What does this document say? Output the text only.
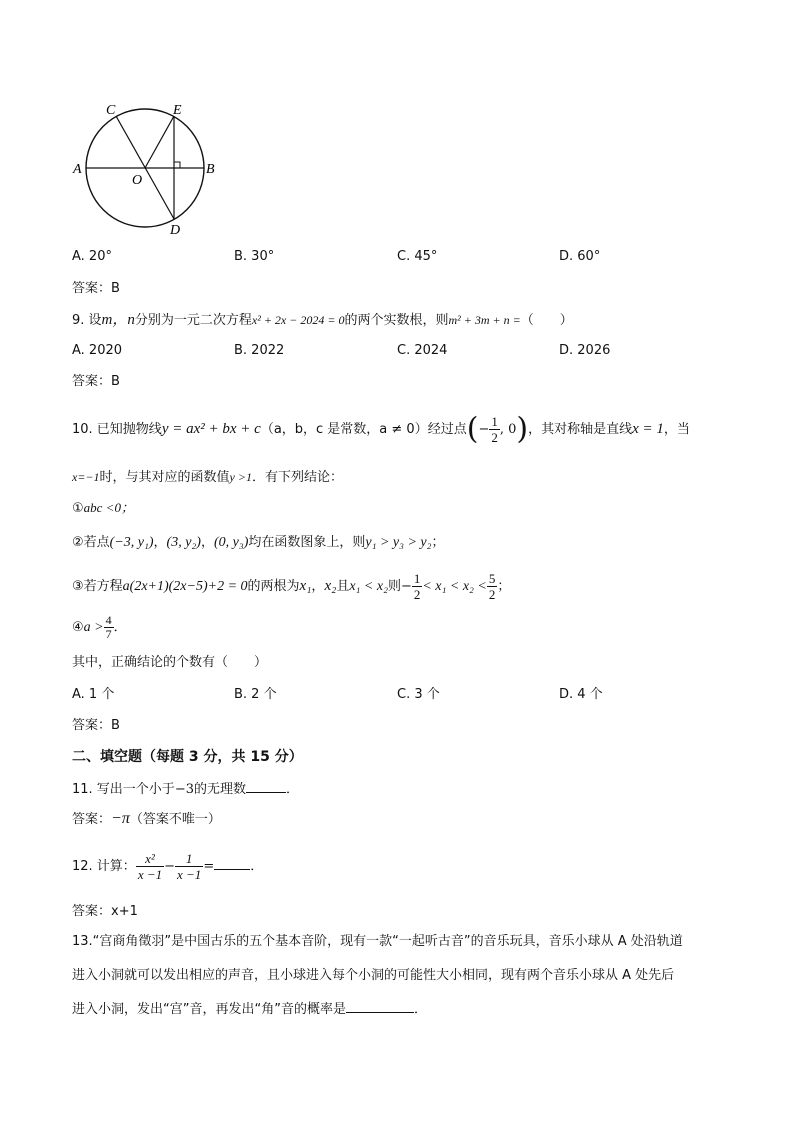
C	E
A
O
B
D
A. 20°	B. 30°	C. 45°	D. 60°
答案：B
9. 设m，n分别为一元二次方程x² + 2x − 2024 = 0的两个实数根，则m² + 3m + n =（　　）
A. 2020	B. 2022	C. 2024	D. 2026
答案：B
10. 已知抛物线y = ax² + bx + c（a，b，c 是常数，a ≠ 0）经过点(− $\frac{1}{2}$ , 0)，其对称轴是直线x = 1，当
x=−1时，与其对应的函数值y >1．有下列结论：
①abc <0；
②若点(−3, y₁)，(3, y₂)，(0, y₃)均在函数图象上，则y₁ > y₃ > y₂；
③若方程a(2x+1)(2x−5)+2 = 0的两根为x₁，x₂且x₁ < x₂则− $\frac{1}{2} < x_1 < x_2 < \frac{5}{2}$ ；
④a > $\frac{4}{7}$ ．
其中，正确结论的个数有（　　）
A. 1 个	B. 2 个	C. 3 个	D. 4 个
答案：B
二、填空题（每题 3 分，共 15 分）
11. 写出一个小于−3的无理数	．
答案：−π（答案不唯一）
12. 计算： $\frac{\text{x²}}{x -1} - \frac{1}{x -1}$ =	．
答案：x+1
13.“宫商角徵羽”是中国古乐的五个基本音阶，现有一款“一起听古音”的音乐玩具，音乐小球从 A 处沿轨道
进入小洞就可以发出相应的声音，且小球进入每个小洞的可能性大小相同，现有两个音乐小球从 A 处先后
进入小洞，发出“宫”音，再发出“角”音的概率是	．
